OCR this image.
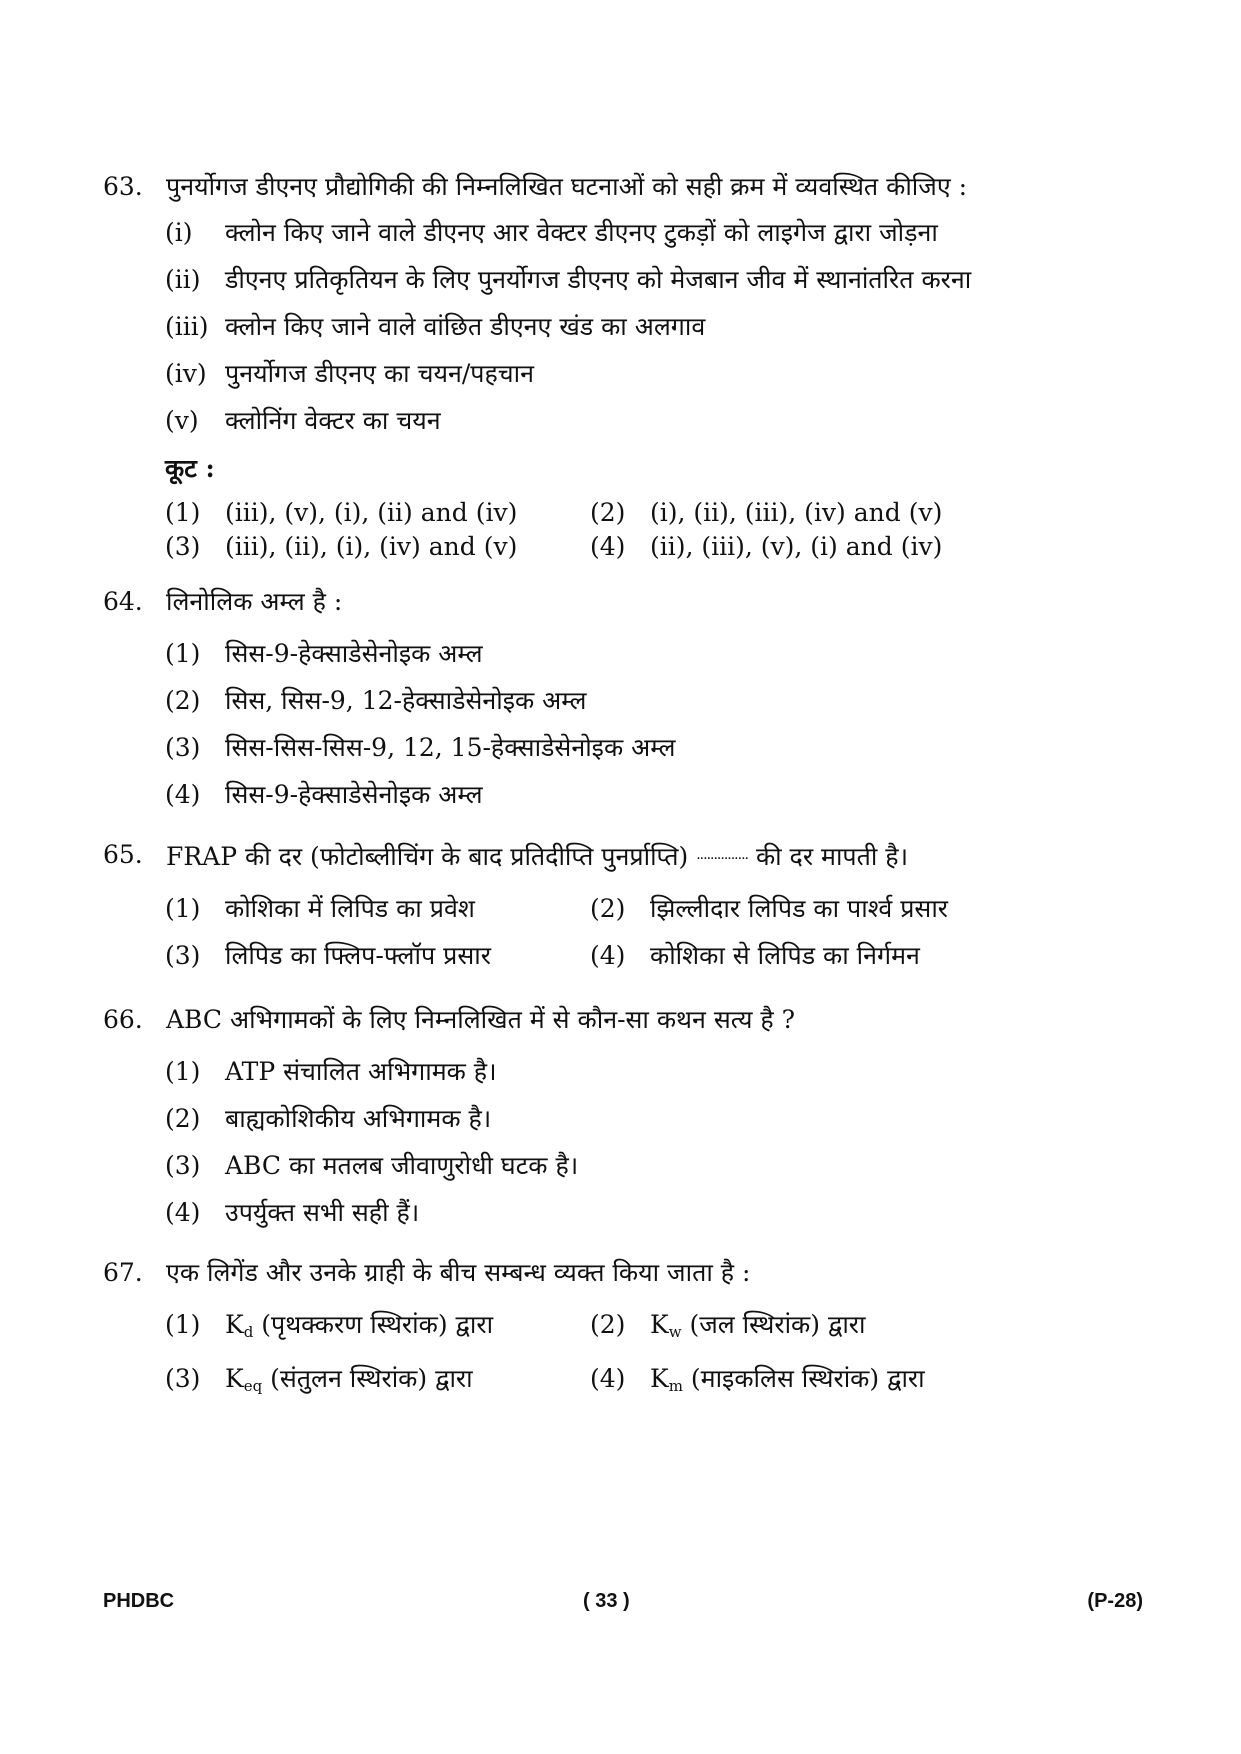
63. पुनर्योगज डीएनए प्रौद्योगिकी की निम्नलिखित घटनाओं को सही क्रम में व्यवस्थित कीजिए :
(i)	क्लोन किए जाने वाले डीएनए आर वेक्टर डीएनए टुकड़ों को लाइगेज द्वारा जोड़ना
(ii) डीएनए प्रतिकृतियन के लिए पुनर्योगज डीएनए को मेजबान जीव में स्थानांतरित करना
(iii) क्लोन किए जाने वाले वांछित डीएनए खंड का अलगाव
(iv) पुनर्योगज डीएनए का चयन/पहचान
(v)	क्लोनिंग वेक्टर का चयन
कूट :
(1) (iii), (v), (i), (ii) and (iv)	(2) (i), (ii), (iii), (iv) and (v)
(3) (iii), (ii), (i), (iv) and (v)	(4) (ii), (iii), (v), (i) and (iv)
64. लिनोलिक अम्ल है :
(1) सिस-9-हेक्साडेसेनोइक अम्ल
(2) सिस, सिस-9, 12-हेक्साडेसेनोइक अम्ल
(3) सिस-सिस-सिस-9, 12, 15-हेक्साडेसेनोइक अम्ल
(4) सिस-9-हेक्साडेसेनोइक अम्ल
65. FRAP की दर (फोटोब्लीचिंग के बाद प्रतिदीप्ति पुनर्प्राप्ति) ............... की दर मापती है।
(1) कोशिका में लिपिड का प्रवेश	(2) झिल्लीदार लिपिड का पार्श्व प्रसार
(3) लिपिड का फ्लिप-फ्लॉप प्रसार	(4) कोशिका से लिपिड का निर्गमन
66. ABC अभिगामकों के लिए निम्नलिखित में से कौन-सा कथन सत्य है ?
(1) ATP संचालित अभिगामक है।
(2) बाह्यकोशिकीय अभिगामक है।
(3) ABC का मतलब जीवाणुरोधी घटक है।
(4) उपर्युक्त सभी सही हैं।
67. एक लिगेंड और उनके ग्राही के बीच सम्बन्ध व्यक्त किया जाता है :
(1) $K_d$ (पृथक्करण स्थिरांक) द्वारा	(2) $K_w$ (जल स्थिरांक) द्वारा
(3) $K_{eq}$ (संतुलन स्थिरांक) द्वारा	(4) $K_m$ (माइकलिस स्थिरांक) द्वारा
PHDBC	( 33 )	(P-28)
